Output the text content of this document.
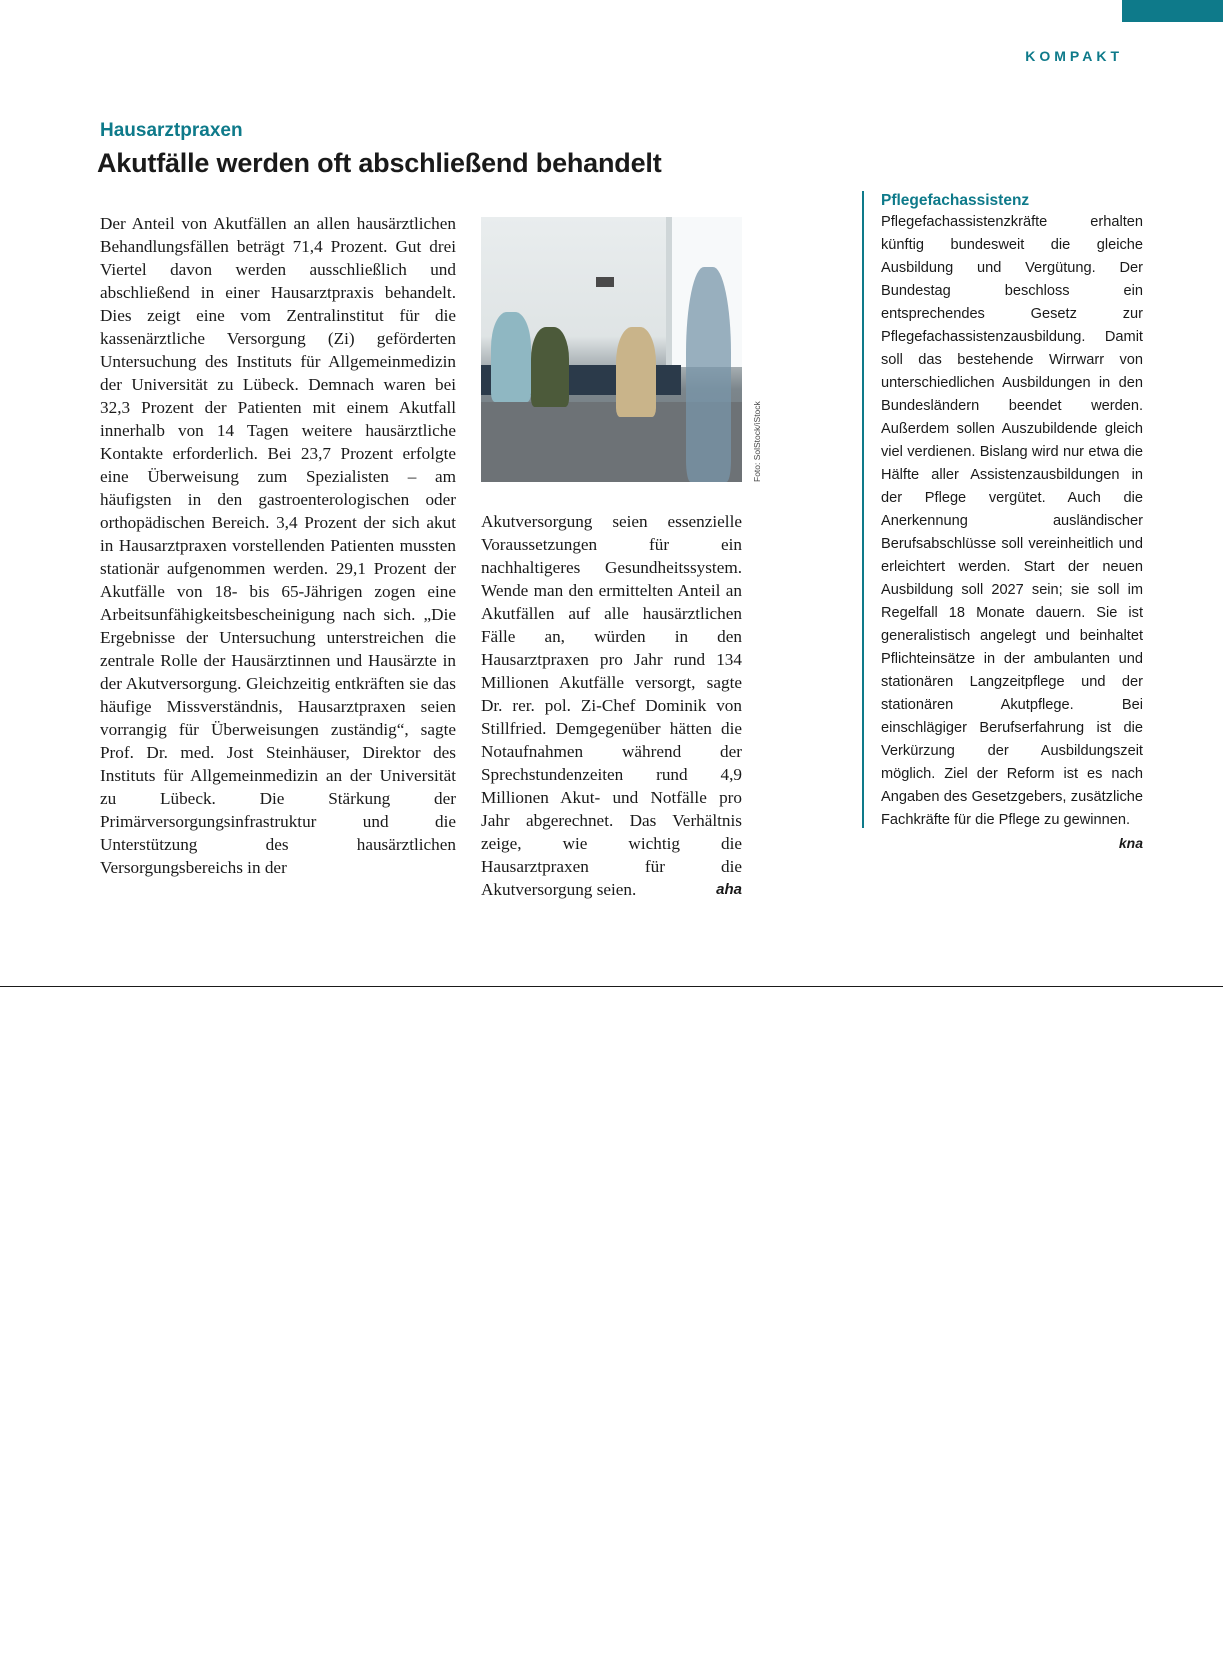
KOMPAKT
Hausarztpraxen
Akutfälle werden oft abschließend behandelt

Der Anteil von Akutfällen an allen hausärztlichen Behandlungsfällen beträgt 71,4 Prozent. Gut drei Viertel davon werden ausschließlich und abschließend in einer Hausarztpraxis behandelt. Dies zeigt eine vom Zentralinstitut für die kassenärztliche Versorgung (Zi) geförderten Untersuchung des Instituts für Allgemeinmedizin der Universität zu Lübeck. Demnach waren bei 32,3 Prozent der Patienten mit einem Akutfall innerhalb von 14 Tagen weitere hausärztliche Kontakte erforderlich. Bei 23,7 Prozent erfolgte eine Überweisung zum Spezialisten – am häufigsten in den gastroenterologischen oder orthopädischen Bereich. 3,4 Prozent der sich akut in Hausarztpraxen vorstellenden Patienten mussten stationär aufgenommen werden. 29,1 Prozent der Akutfälle von 18- bis 65-Jährigen zogen eine Arbeitsunfähigkeitsbescheinigung nach sich. „Die Ergebnisse der Untersuchung unterstreichen die zentrale Rolle der Hausärztinnen und Hausärzte in der Akutversorgung. Gleichzeitig entkräften sie das häufige Missverständnis, Hausarztpraxen seien vorrangig für Überweisungen zuständig“, sagte Prof. Dr. med. Jost Steinhäuser, Direktor des Instituts für Allgemeinmedizin an der Universität zu Lübeck. Die Stärkung der Primärversorgungsinfrastruktur und die Unterstützung des hausärztlichen Versorgungsbereichs in der

Foto: SolStock/iStock

Akutversorgung seien essenzielle Voraussetzungen für ein nachhaltigeres Gesundheitssystem. Wende man den ermittelten Anteil an Akutfällen auf alle hausärztlichen Fälle an, würden in den Hausarztpraxen pro Jahr rund 134 Millionen Akutfälle versorgt, sagte Dr. rer. pol. Zi-Chef Dominik von Stillfried. Demgegenüber hätten die Notaufnahmen während der Sprechstundenzeiten rund 4,9 Millionen Akut- und Notfälle pro Jahr abgerechnet. Das Verhältnis zeige, wie wichtig die Hausarztpraxen für die Akutversorgung seien.	aha

Pflegefachassistenz

Pflegefachassistenzkräfte erhalten künftig bundesweit die gleiche Ausbildung und Vergütung. Der Bundestag beschloss ein entsprechendes Gesetz zur Pflegefachassistenzausbildung. Damit soll das bestehende Wirrwarr von unterschiedlichen Ausbildungen in den Bundesländern beendet werden. Außerdem sollen Auszubildende gleich viel verdienen. Bislang wird nur etwa die Hälfte aller Assistenzausbildungen in der Pflege vergütet. Auch die Anerkennung ausländischer Berufsabschlüsse soll vereinheitlich und erleichtert werden. Start der neuen Ausbildung soll 2027 sein; sie soll im Regelfall 18 Monate dauern. Sie ist generalistisch angelegt und beinhaltet Pflichteinsätze in der ambulanten und stationären Langzeitpflege und der stationären Akutpflege. Bei einschlägiger Berufserfahrung ist die Verkürzung der Ausbildungszeit möglich. Ziel der Reform ist es nach Angaben des Gesetzgebers, zusätzliche Fachkräfte für die Pflege zu gewinnen.
kna
